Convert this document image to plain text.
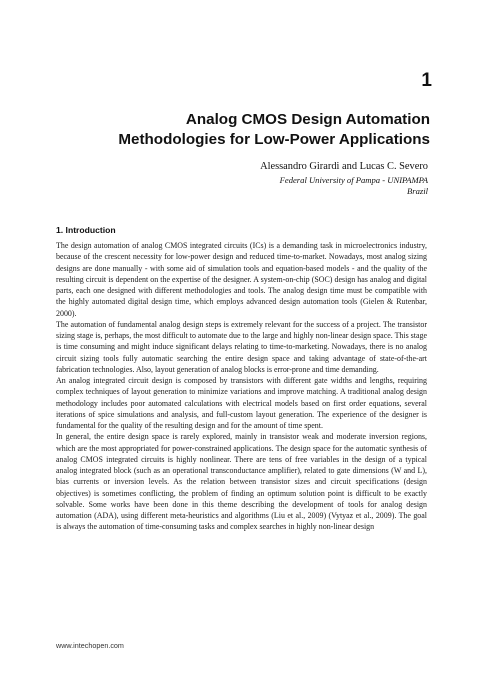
1
Analog CMOS Design Automation
Methodologies for Low-Power Applications
Alessandro Girardi and Lucas C. Severo
Federal University of Pampa - UNIPAMPA
Brazil
1. Introduction

The design automation of analog CMOS integrated circuits (ICs) is a demanding task in microelectronics industry, because of the crescent necessity for low-power design and reduced time-to-market. Nowadays, most analog sizing designs are done manually - with some aid of simulation tools and equation-based models - and the quality of the resulting circuit is dependent on the expertise of the designer. A system-on-chip (SOC) design has analog and digital parts, each one designed with different methodologies and tools. The analog design time must be compatible with the highly automated digital design time, which employs advanced design automation tools (Gielen & Rutenbar, 2000).

The automation of fundamental analog design steps is extremely relevant for the success of a project. The transistor sizing stage is, perhaps, the most difficult to automate due to the large and highly non-linear design space. This stage is time consuming and might induce significant delays relating to time-to-marketing. Nowadays, there is no analog circuit sizing tools fully automatic searching the entire design space and taking advantage of state-of-the-art fabrication technologies. Also, layout generation of analog blocks is error-prone and time demanding.

An analog integrated circuit design is composed by transistors with different gate widths and lengths, requiring complex techniques of layout generation to minimize variations and improve matching. A traditional analog design methodology includes poor automated calculations with electrical models based on first order equations, several iterations of spice simulations and analysis, and full-custom layout generation. The experience of the designer is fundamental for the quality of the resulting design and for the amount of time spent.

In general, the entire design space is rarely explored, mainly in transistor weak and moderate inversion regions, which are the most appropriated for power-constrained applications. The design space for the automatic synthesis of analog CMOS integrated circuits is highly nonlinear. There are tens of free variables in the design of a typical analog integrated block (such as an operational transconductance amplifier), related to gate dimensions (W and L), bias currents or inversion levels. As the relation between transistor sizes and circuit specifications (design objectives) is sometimes conflicting, the problem of finding an optimum solution point is difficult to be exactly solvable. Some works have been done in this theme describing the development of tools for analog design automation (ADA), using different meta-heuristics and algorithms (Liu et al., 2009) (Vytyaz et al., 2009). The goal is always the automation of time-consuming tasks and complex searches in highly non-linear design

www.intechopen.com
